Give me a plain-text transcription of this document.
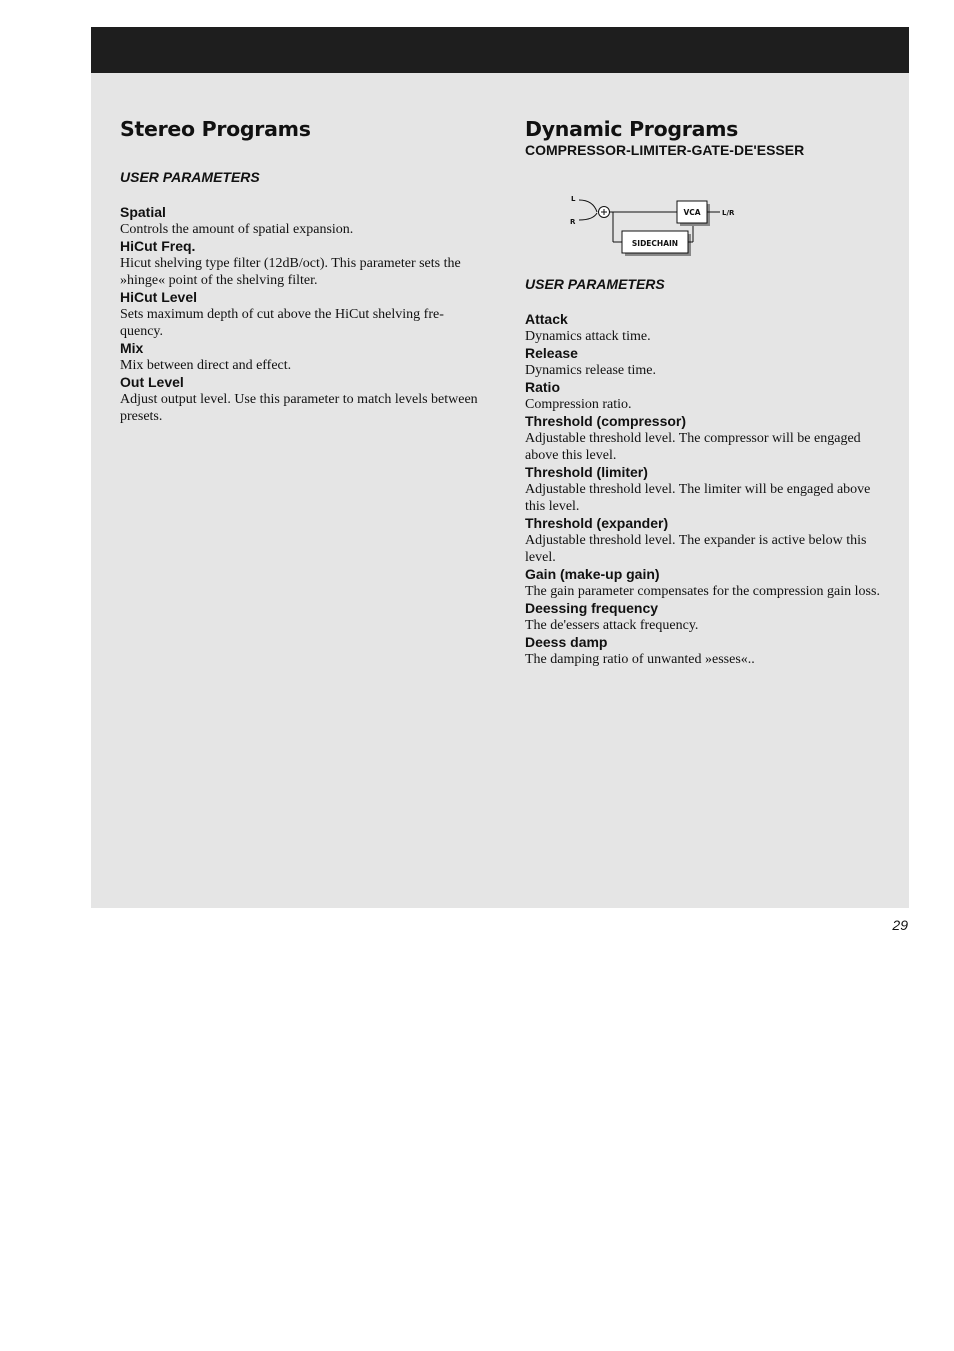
Stereo Programs
USER PARAMETERS
Spatial
Controls the amount of spatial expansion.
HiCut Freq.
Hicut shelving type filter (12dB/oct). This parameter sets the »hinge« point of the shelving filter.
HiCut Level
Sets maximum depth of cut above the HiCut shelving fre-quency.
Mix
Mix between direct and effect.
Out Level
Adjust output level. Use this parameter to match levels between presets.
Dynamic Programs
COMPRESSOR-LIMITER-GATE-DE'ESSER
L
R
SIDECHAIN
VCA	L/R
USER PARAMETERS
Attack
Dynamics attack time.
Release
Dynamics release time.
Ratio
Compression ratio.
Threshold (compressor)
Adjustable threshold level. The compressor will be engaged above this level.
Threshold (limiter)
Adjustable threshold level. The limiter will be engaged above this level.
Threshold (expander)
Adjustable threshold level. The expander is active below this level.
Gain (make-up gain)
The gain parameter compensates for the compression gain loss.
Deessing frequency
The de'essers attack frequency.
Deess damp
The damping ratio of unwanted »esses«..
29
